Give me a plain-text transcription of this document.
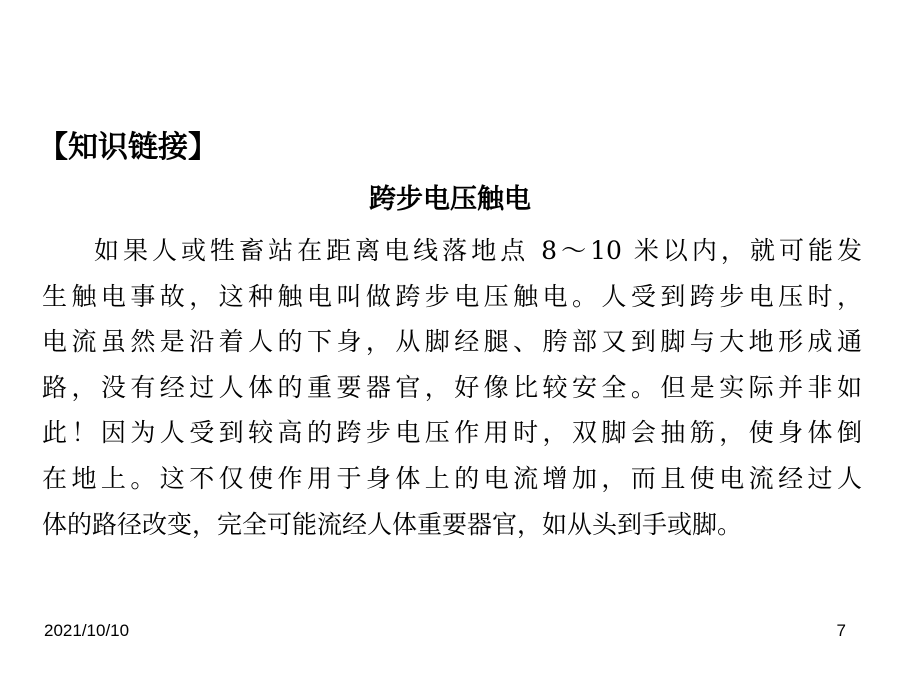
【知识链接】
跨步电压触电
如果人或牲畜站在距离电线落地点 8～10 米以内，就可能发
生触电事故，这种触电叫做跨步电压触电。人受到跨步电压时，
电流虽然是沿着人的下身，从脚经腿、胯部又到脚与大地形成通
路，没有经过人体的重要器官，好像比较安全。但是实际并非如
此！因为人受到较高的跨步电压作用时，双脚会抽筋，使身体倒
在地上。这不仅使作用于身体上的电流增加，而且使电流经过人
体的路径改变，完全可能流经人体重要器官，如从头到手或脚。
2021/10/10	7
